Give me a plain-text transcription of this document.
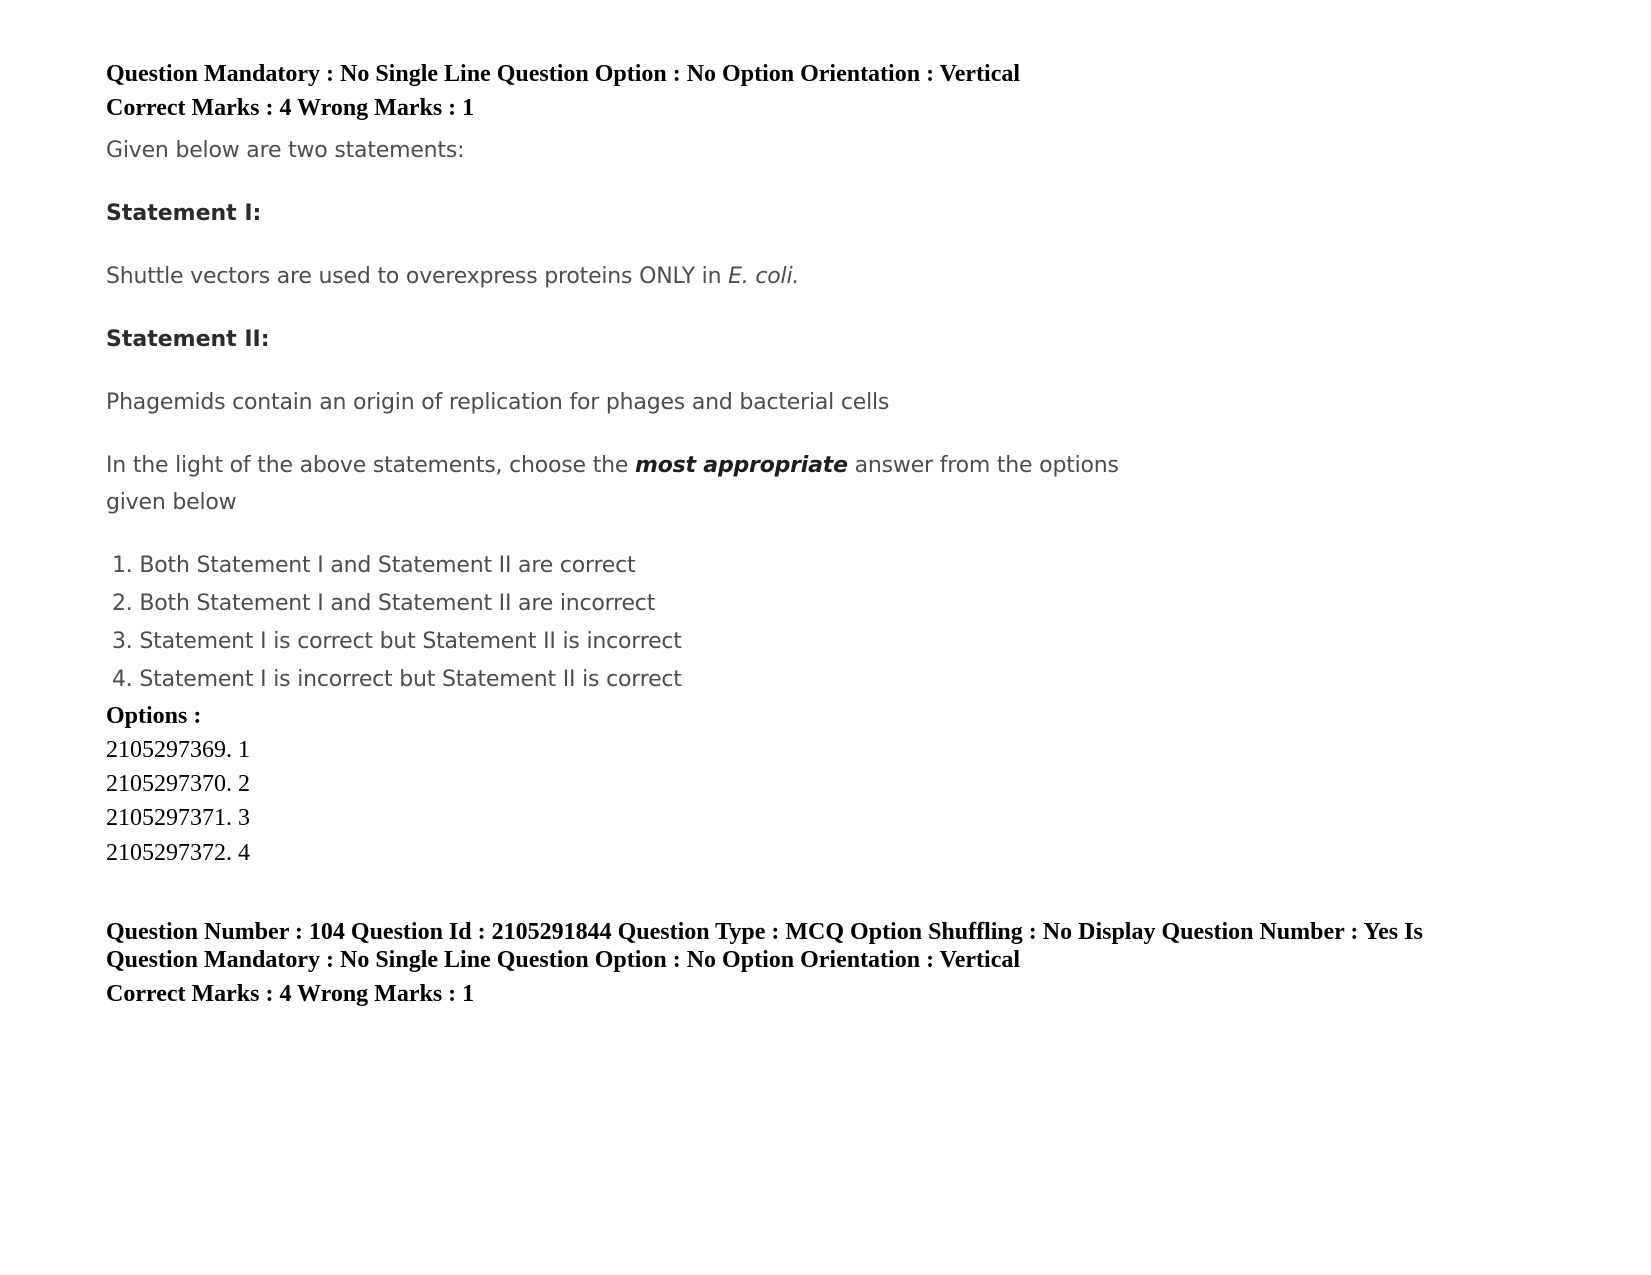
Question Mandatory : No Single Line Question Option : No Option Orientation : Vertical
Correct Marks : 4 Wrong Marks : 1
Given below are two statements:
Statement I:
Shuttle vectors are used to overexpress proteins ONLY in E. coli.
Statement II:
Phagemids contain an origin of replication for phages and bacterial cells
In the light of the above statements, choose the most appropriate answer from the options
given below
1. Both Statement I and Statement II are correct
2. Both Statement I and Statement II are incorrect
3. Statement I is correct but Statement II is incorrect
4. Statement I is incorrect but Statement II is correct
Options :
2105297369. 1
2105297370. 2
2105297371. 3
2105297372. 4
Question Number : 104 Question Id : 2105291844 Question Type : MCQ Option Shuffling : No Display Question Number : Yes Is
Question Mandatory : No Single Line Question Option : No Option Orientation : Vertical
Correct Marks : 4 Wrong Marks : 1
